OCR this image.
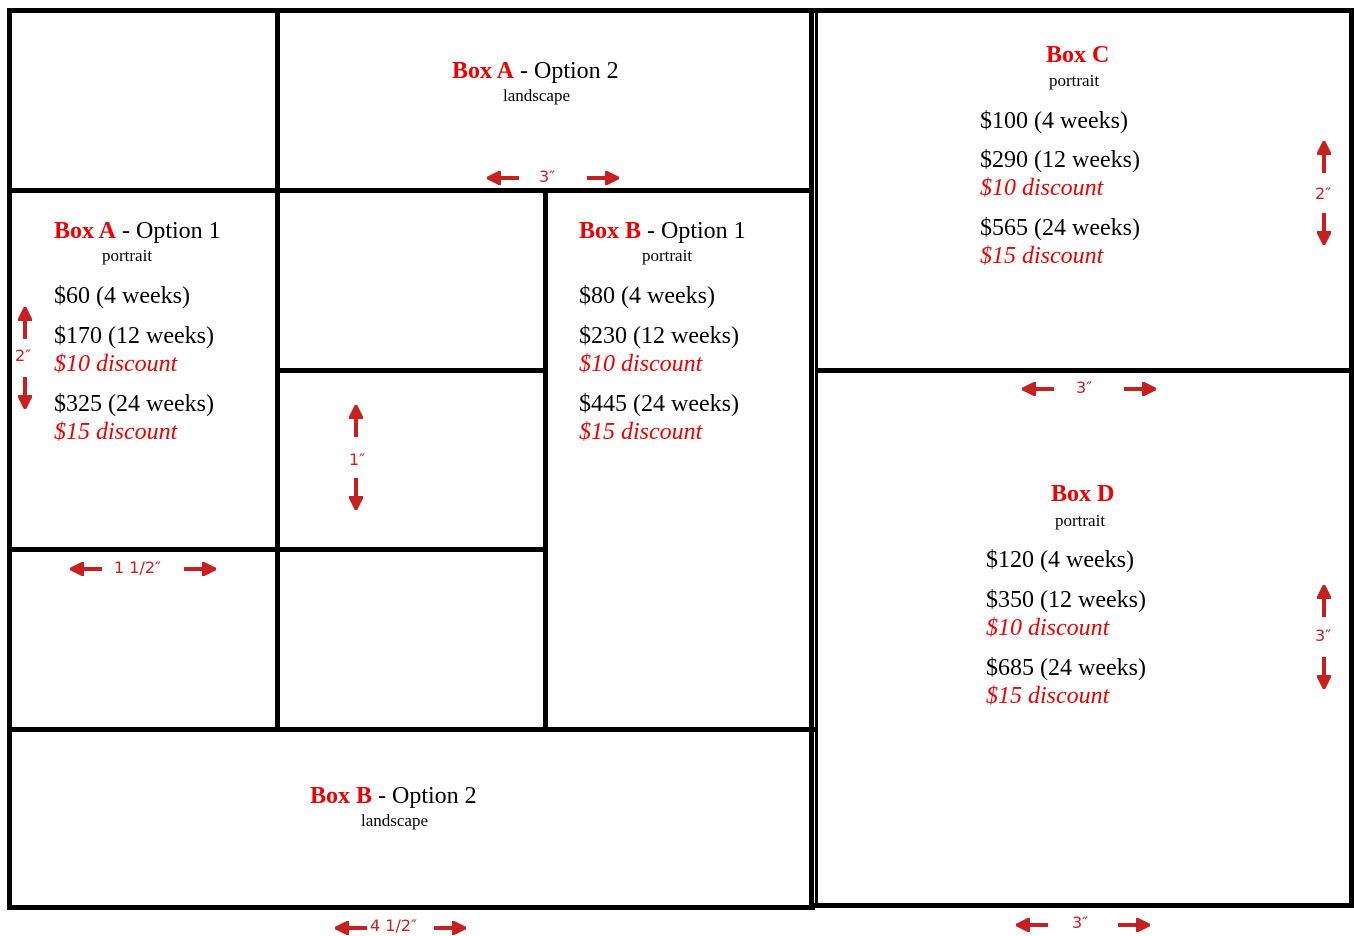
Box A - Option 2
landscape
3″
Box A - Option 1
portrait
$60 (4 weeks)
$170 (12 weeks)
$10 discount
$325 (24 weeks)
$15 discount
2″
1 1/2″
1″
Box B - Option 1
portrait
$80 (4 weeks)
$230 (12 weeks)
$10 discount
$445 (24 weeks)
$15 discount
Box C
portrait
$100 (4 weeks)
$290 (12 weeks)
$10 discount
$565 (24 weeks)
$15 discount
2″
3″
Box D
portrait
$120 (4 weeks)
$350 (12 weeks)
$10 discount
$685 (24 weeks)
$15 discount
3″
3″
Box B - Option 2
landscape
4 1/2″
